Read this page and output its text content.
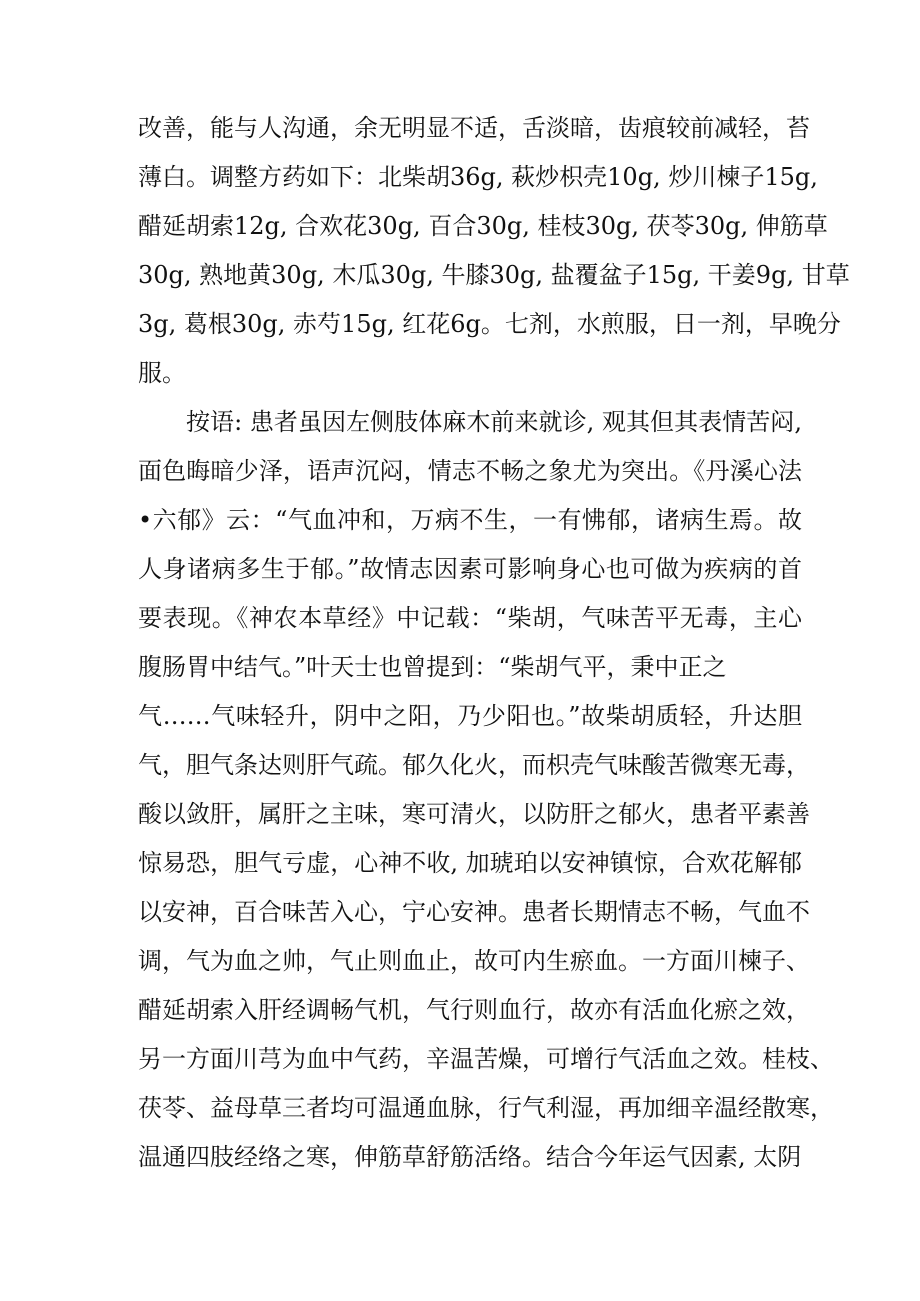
改善，能与人沟通，余无明显不适，舌淡暗，齿痕较前减轻，苔
薄白。调整方药如下：北柴胡36g, 萩炒枳壳10g, 炒川楝子15g,
醋延胡索12g, 合欢花30g, 百合30g, 桂枝30g, 茯苓30g, 伸筋草
30g, 熟地黄30g, 木瓜30g, 牛膝30g, 盐覆盆子15g, 干姜9g, 甘草
3g, 葛根30g, 赤芍15g, 红花6g。七剂，水煎服，日一剂，早晚分
服。
按语: 患者虽因左侧肢体麻木前来就诊, 观其但其表情苦闷,
面色晦暗少泽，语声沉闷，情志不畅之象尤为突出。《丹溪心法
•六郁》云：“气血冲和，万病不生，一有怫郁，诸病生焉。故
人身诸病多生于郁。”故情志因素可影响身心也可做为疾病的首
要表现。《神农本草经》中记载：“柴胡，气味苦平无毒，主心
腹肠胃中结气。”叶天士也曾提到：“柴胡气平，秉中正之
气……气味轻升，阴中之阳，乃少阳也。”故柴胡质轻，升达胆
气，胆气条达则肝气疏。郁久化火，而枳壳气味酸苦微寒无毒，
酸以敛肝，属肝之主味，寒可清火，以防肝之郁火，患者平素善
惊易恐，胆气亏虚，心神不收, 加琥珀以安神镇惊，合欢花解郁
以安神，百合味苦入心，宁心安神。患者长期情志不畅，气血不
调，气为血之帅，气止则血止，故可内生瘀血。一方面川楝子、
醋延胡索入肝经调畅气机，气行则血行，故亦有活血化瘀之效，
另一方面川芎为血中气药，辛温苦燥，可增行气活血之效。桂枝、
茯苓、益母草三者均可温通血脉，行气利湿，再加细辛温经散寒，
温通四肢经络之寒，伸筋草舒筋活络。结合今年运气因素, 太阴
